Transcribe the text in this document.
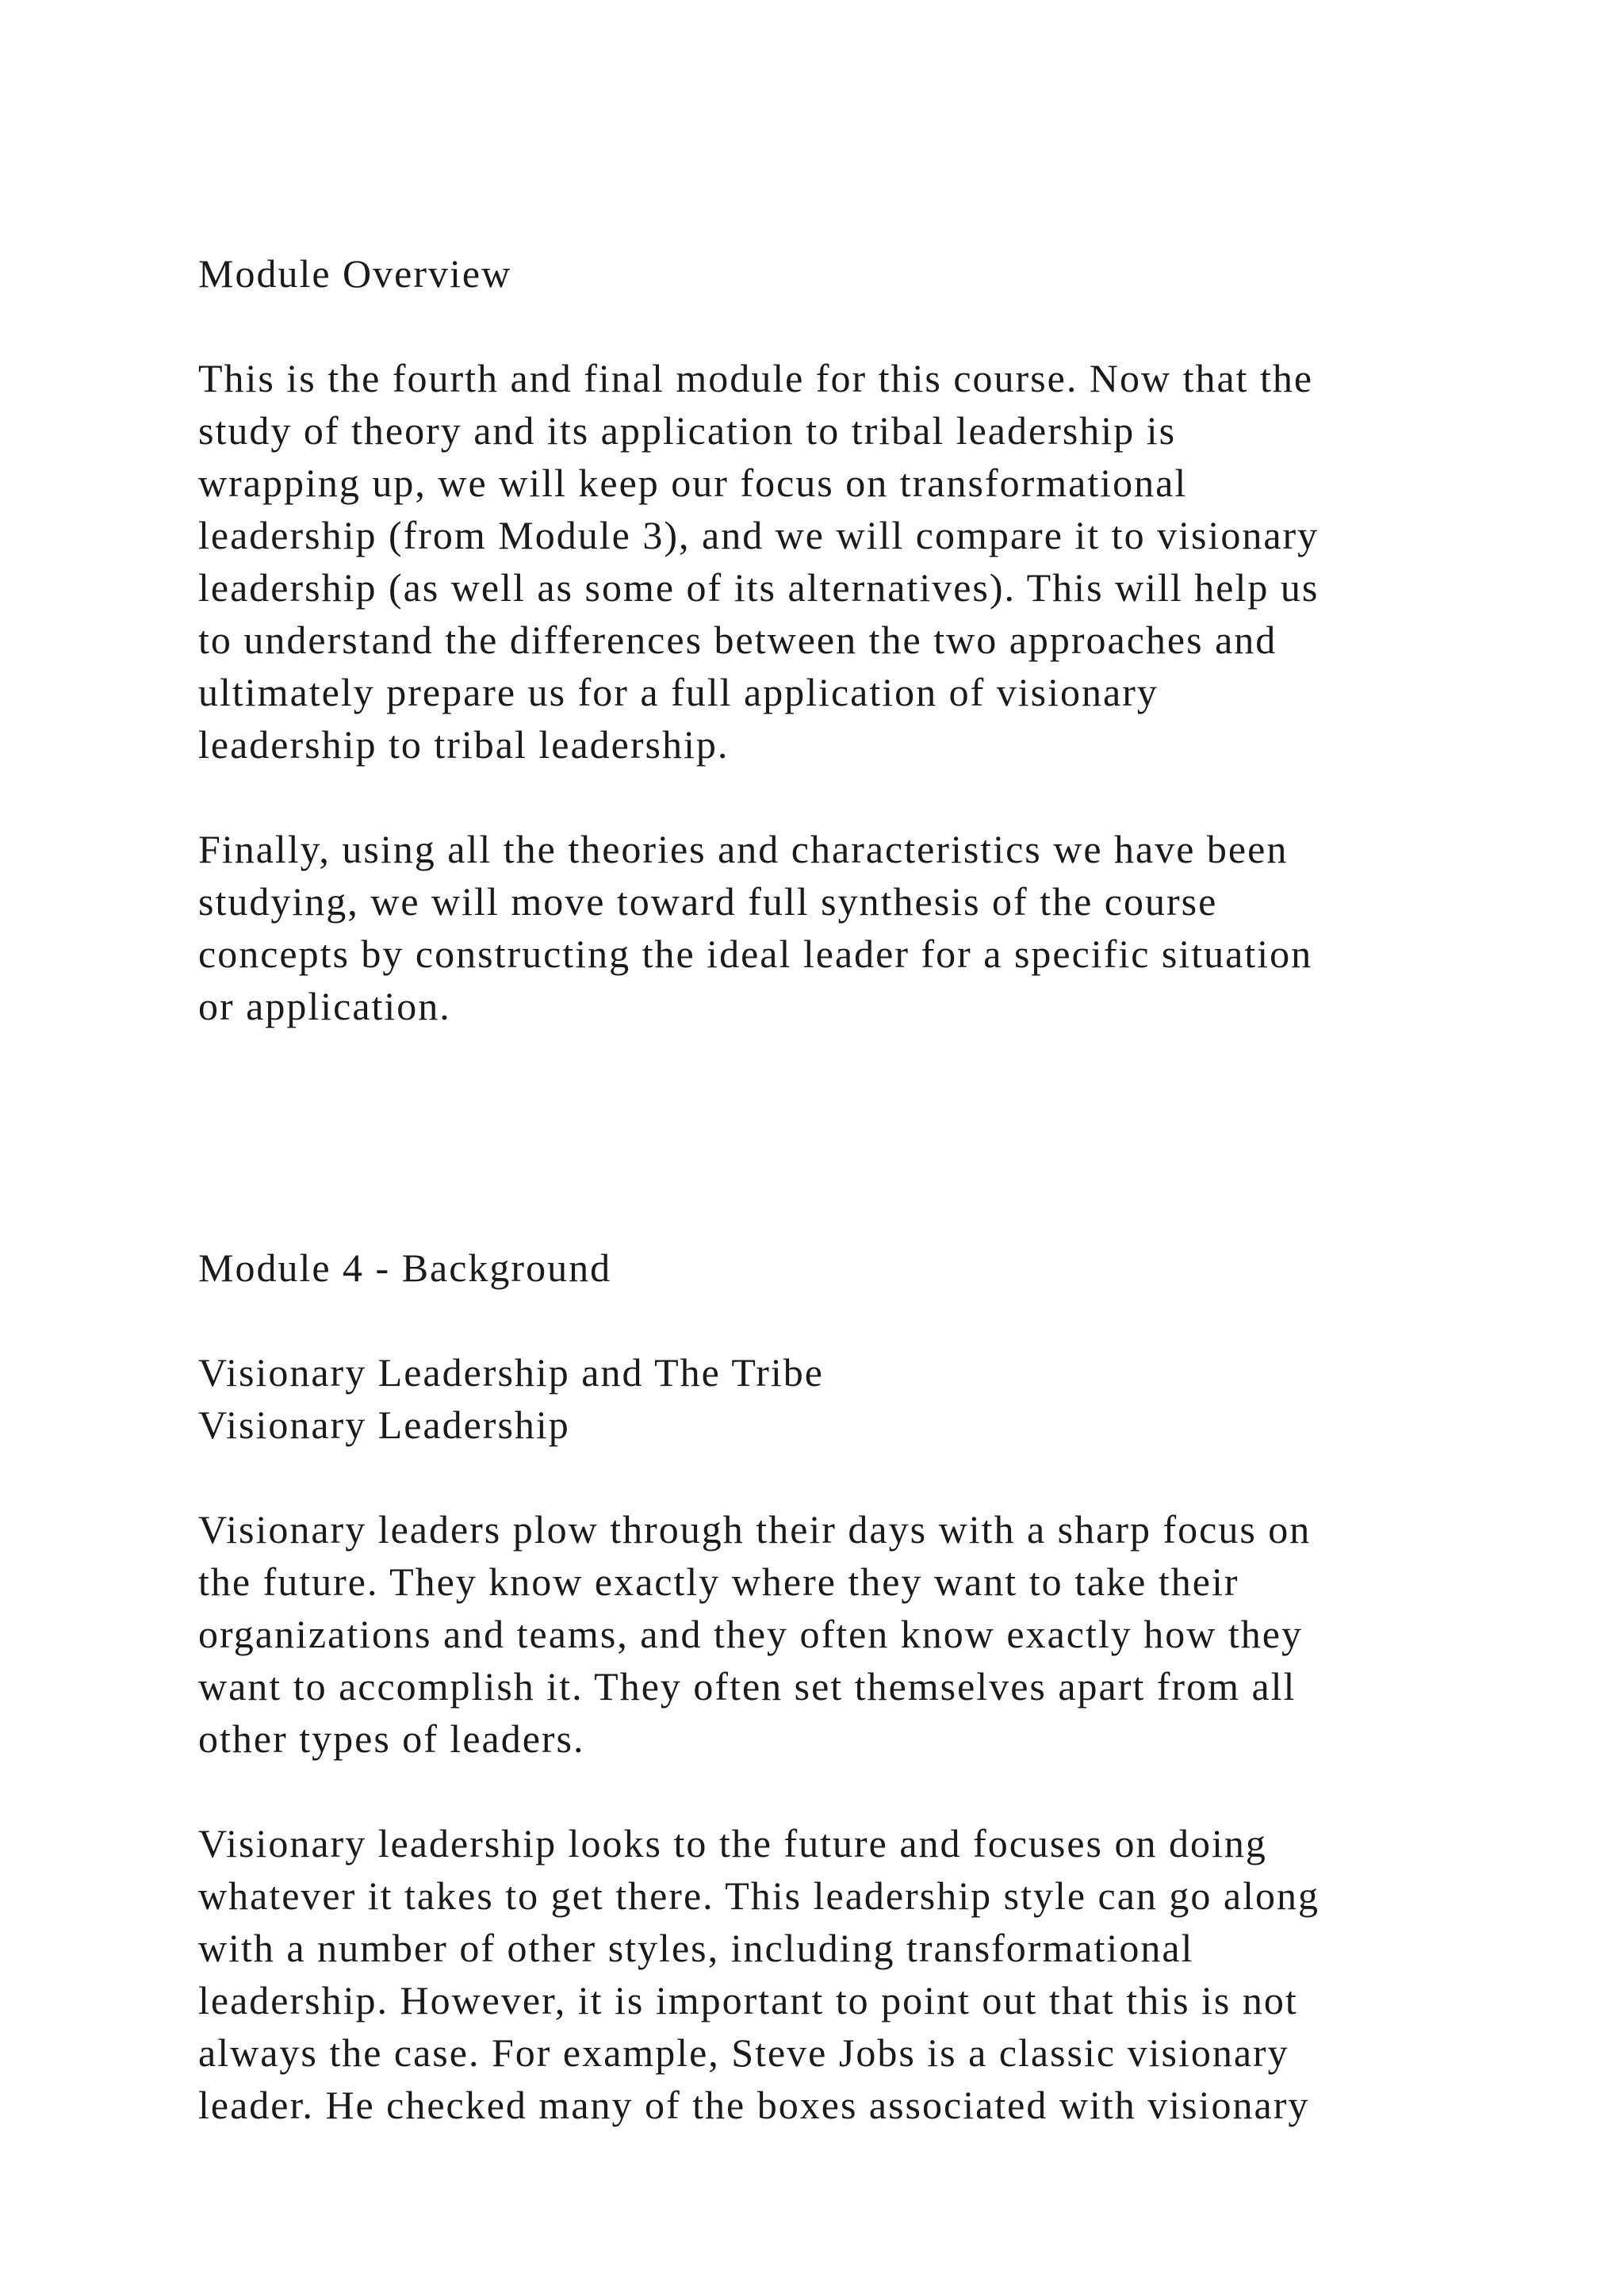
Module Overview
This is the fourth and final module for this course. Now that the
study of theory and its application to tribal leadership is
wrapping up, we will keep our focus on transformational
leadership (from Module 3), and we will compare it to visionary
leadership (as well as some of its alternatives). This will help us
to understand the differences between the two approaches and
ultimately prepare us for a full application of visionary
leadership to tribal leadership.
Finally, using all the theories and characteristics we have been
studying, we will move toward full synthesis of the course
concepts by constructing the ideal leader for a specific situation
or application.
Module 4 - Background
Visionary Leadership and The Tribe
Visionary Leadership
Visionary leaders plow through their days with a sharp focus on
the future. They know exactly where they want to take their
organizations and teams, and they often know exactly how they
want to accomplish it. They often set themselves apart from all
other types of leaders.
Visionary leadership looks to the future and focuses on doing
whatever it takes to get there. This leadership style can go along
with a number of other styles, including transformational
leadership. However, it is important to point out that this is not
always the case. For example, Steve Jobs is a classic visionary
leader. He checked many of the boxes associated with visionary
